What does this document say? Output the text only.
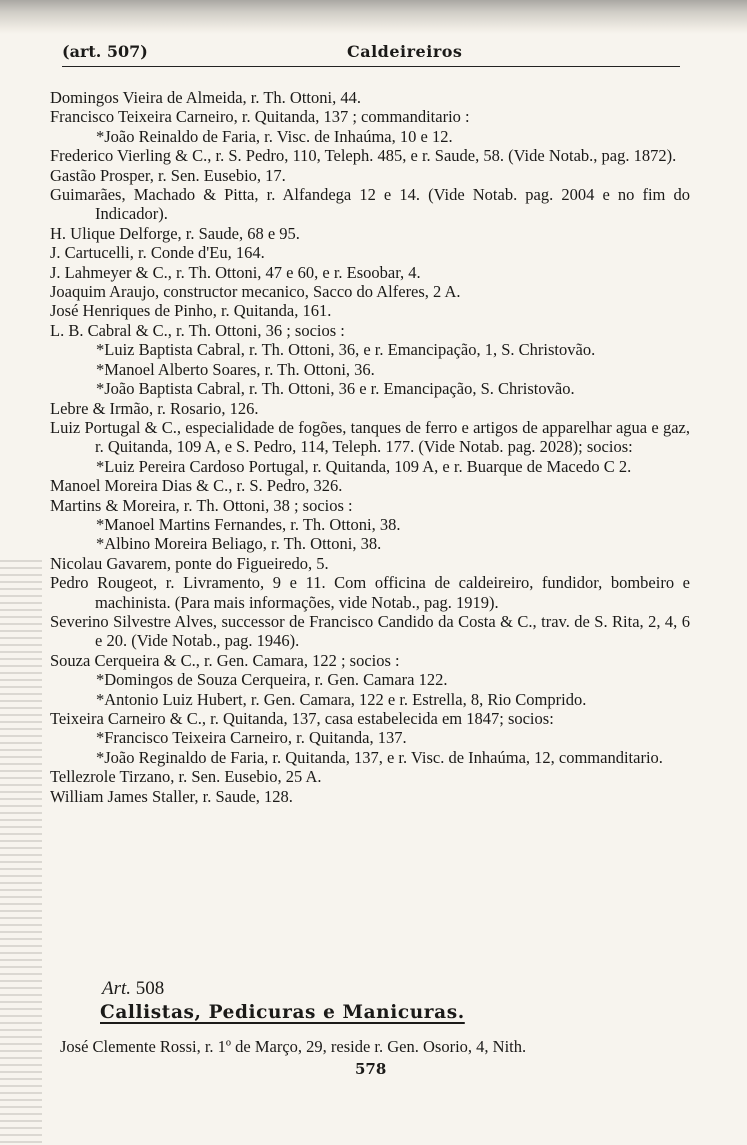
(art. 507)	Caldeireiros
Domingos Vieira de Almeida, r. Th. Ottoni, 44.
Francisco Teixeira Carneiro, r. Quitanda, 137 ; commanditario :
*João Reinaldo de Faria, r. Visc. de Inhaúma, 10 e 12.
Frederico Vierling & C., r. S. Pedro, 110, Teleph. 485, e r. Saude, 58. (Vide Notab., pag. 1872).
Gastão Prosper, r. Sen. Eusebio, 17.
Guimarães, Machado & Pitta, r. Alfandega 12 e 14. (Vide Notab. pag. 2004 e no fim do Indicador).
H. Ulique Delforge, r. Saude, 68 e 95.
J. Cartucelli, r. Conde d'Eu, 164.
J. Lahmeyer & C., r. Th. Ottoni, 47 e 60, e r. Esoobar, 4.
Joaquim Araujo, constructor mecanico, Sacco do Alferes, 2 A.
José Henriques de Pinho, r. Quitanda, 161.
L. B. Cabral & C., r. Th. Ottoni, 36 ; socios :
*Luiz Baptista Cabral, r. Th. Ottoni, 36, e r. Emancipação, 1, S. Christovão.
*Manoel Alberto Soares, r. Th. Ottoni, 36.
*João Baptista Cabral, r. Th. Ottoni, 36 e r. Emancipação, S. Christovão.
Lebre & Irmão, r. Rosario, 126.
Luiz Portugal & C., especialidade de fogões, tanques de ferro e artigos de apparelhar agua e gaz, r. Quitanda, 109 A, e S. Pedro, 114, Teleph. 177. (Vide Notab. pag. 2028); socios:
*Luiz Pereira Cardoso Portugal, r. Quitanda, 109 A, e r. Buarque de Macedo C 2.
Manoel Moreira Dias & C., r. S. Pedro, 326.
Martins & Moreira, r. Th. Ottoni, 38 ; socios :
*Manoel Martins Fernandes, r. Th. Ottoni, 38.
*Albino Moreira Beliago, r. Th. Ottoni, 38.
Nicolau Gavarem, ponte do Figueiredo, 5.
Pedro Rougeot, r. Livramento, 9 e 11. Com officina de caldeireiro, fundidor, bombeiro e machinista. (Para mais informações, vide Notab., pag. 1919).
Severino Silvestre Alves, successor de Francisco Candido da Costa & C., trav. de S. Rita, 2, 4, 6 e 20. (Vide Notab., pag. 1946).
Souza Cerqueira & C., r. Gen. Camara, 122 ; socios :
*Domingos de Souza Cerqueira, r. Gen. Camara 122.
*Antonio Luiz Hubert, r. Gen. Camara, 122 e r. Estrella, 8, Rio Comprido.
Teixeira Carneiro & C., r. Quitanda, 137, casa estabelecida em 1847; socios:
*Francisco Teixeira Carneiro, r. Quitanda, 137.
*João Reginaldo de Faria, r. Quitanda, 137, e r. Visc. de Inhaúma, 12, commanditario.
Tellezrole Tirzano, r. Sen. Eusebio, 25 A.
William James Staller, r. Saude, 128.
Art. 508
Callistas, Pedicuras e Manicuras.
José Clemente Rossi, r. 1º de Março, 29, reside r. Gen. Osorio, 4, Nith.
578
